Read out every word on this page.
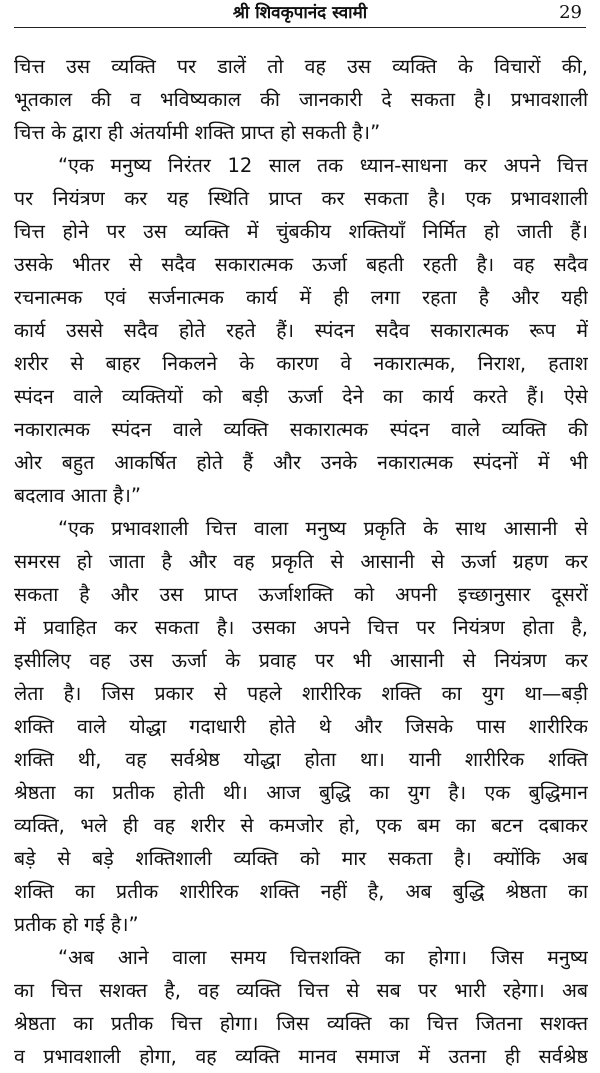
श्री शिवकृपानंद स्वामी	29
चित्त उस व्यक्ति पर डालें तो वह उस व्यक्ति के विचारों की,
भूतकाल की व भविष्यकाल की जानकारी दे सकता है। प्रभावशाली
चित्त के द्वारा ही अंतर्यामी शक्ति प्राप्त हो सकती है।”
“एक मनुष्य निरंतर 12 साल तक ध्यान-साधना कर अपने चित्त
पर नियंत्रण कर यह स्थिति प्राप्त कर सकता है। एक प्रभावशाली
चित्त होने पर उस व्यक्ति में चुंबकीय शक्तियाँ निर्मित हो जाती हैं।
उसके भीतर से सदैव सकारात्मक ऊर्जा बहती रहती है। वह सदैव
रचनात्मक एवं सर्जनात्मक कार्य में ही लगा रहता है और यही
कार्य उससे सदैव होते रहते हैं। स्पंदन सदैव सकारात्मक रूप में
शरीर से बाहर निकलने के कारण वे नकारात्मक, निराश, हताश
स्पंदन वाले व्यक्तियों को बड़ी ऊर्जा देने का कार्य करते हैं। ऐसे
नकारात्मक स्पंदन वाले व्यक्ति सकारात्मक स्पंदन वाले व्यक्ति की
ओर बहुत आकर्षित होते हैं और उनके नकारात्मक स्पंदनों में भी
बदलाव आता है।”
“एक प्रभावशाली चित्त वाला मनुष्य प्रकृति के साथ आसानी से
समरस हो जाता है और वह प्रकृति से आसानी से ऊर्जा ग्रहण कर
सकता है और उस प्राप्त ऊर्जाशक्ति को अपनी इच्छानुसार दूसरों
में प्रवाहित कर सकता है। उसका अपने चित्त पर नियंत्रण होता है,
इसीलिए वह उस ऊर्जा के प्रवाह पर भी आसानी से नियंत्रण कर
लेता है। जिस प्रकार से पहले शारीरिक शक्ति का युग था—बड़ी
शक्ति वाले योद्धा गदाधारी होते थे और जिसके पास शारीरिक
शक्ति थी, वह सर्वश्रेष्ठ योद्धा होता था। यानी शारीरिक शक्ति
श्रेष्ठता का प्रतीक होती थी। आज बुद्धि का युग है। एक बुद्धिमान
व्यक्ति, भले ही वह शरीर से कमजोर हो, एक बम का बटन दबाकर
बड़े से बड़े शक्तिशाली व्यक्ति को मार सकता है। क्योंकि अब
शक्ति का प्रतीक शारीरिक शक्ति नहीं है, अब बुद्धि श्रेष्ठता का
प्रतीक हो गई है।”
“अब आने वाला समय चित्तशक्ति का होगा। जिस मनुष्य
का चित्त सशक्त है, वह व्यक्ति चित्त से सब पर भारी रहेगा। अब
श्रेष्ठता का प्रतीक चित्त होगा। जिस व्यक्ति का चित्त जितना सशक्त
व प्रभावशाली होगा, वह व्यक्ति मानव समाज में उतना ही सर्वश्रेष्ठ
